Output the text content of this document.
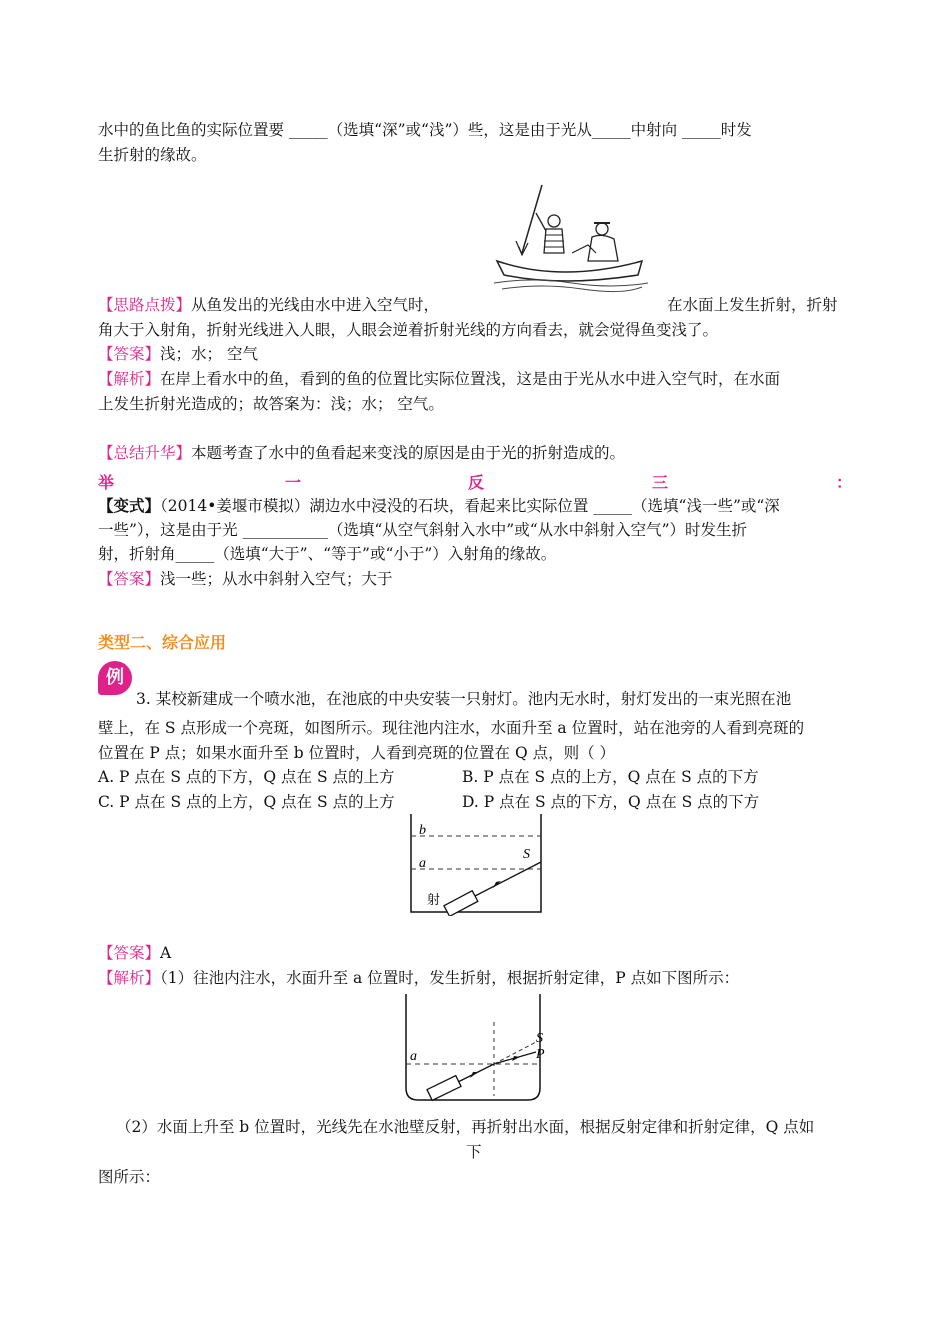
水中的鱼比鱼的实际位置要 _____（选填“深”或“浅”）些，这是由于光从_____中射向 _____时发
生折射的缘故。
【思路点拨】从鱼发出的光线由水中进入空气时，	在水面上发生折射，折射
角大于入射角，折射光线进入人眼，人眼会逆着折射光线的方向看去，就会觉得鱼变浅了。
【答案】浅；水； 空气
【解析】在岸上看水中的鱼，看到的鱼的位置比实际位置浅，这是由于光从水中进入空气时，在水面
上发生折射光造成的；故答案为：浅；水； 空气。
【总结升华】本题考查了水中的鱼看起来变浅的原因是由于光的折射造成的。
举	一	反	三	：
【变式】（2014•姜堰市模拟）湖边水中浸没的石块，看起来比实际位置 _____（选填“浅一些”或“深
一些”），这是由于光 ___________（选填“从空气斜射入水中”或“从水中斜射入空气”）时发生折
射，折射角_____（选填“大于”、“等于”或“小于”）入射角的缘故。
【答案】浅一些；从水中斜射入空气；大于
类型二、综合应用
例
3. 某校新建成一个喷水池，在池底的中央安装一只射灯。池内无水时，射灯发出的一束光照在池
壁上，在 S 点形成一个亮斑，如图所示。现往池内注水，水面升至 a 位置时，站在池旁的人看到亮斑的
位置在 P 点；如果水面升至 b 位置时，人看到亮斑的位置在 Q 点，则（ ）
A. P 点在 S 点的下方，Q 点在 S 点的上方	B. P 点在 S 点的上方，Q 点在 S 点的下方
C. P 点在 S 点的上方，Q 点在 S 点的上方	D. P 点在 S 点的下方，Q 点在 S 点的下方
b
a
S
射
【答案】A
【解析】（1）往池内注水，水面升至 a 位置时，发生折射，根据折射定律，P 点如下图所示：
a
S
P
（2）水面上升至 b 位置时，光线先在水池壁反射，再折射出水面，根据反射定律和折射定律，Q 点如
下
图所示：
